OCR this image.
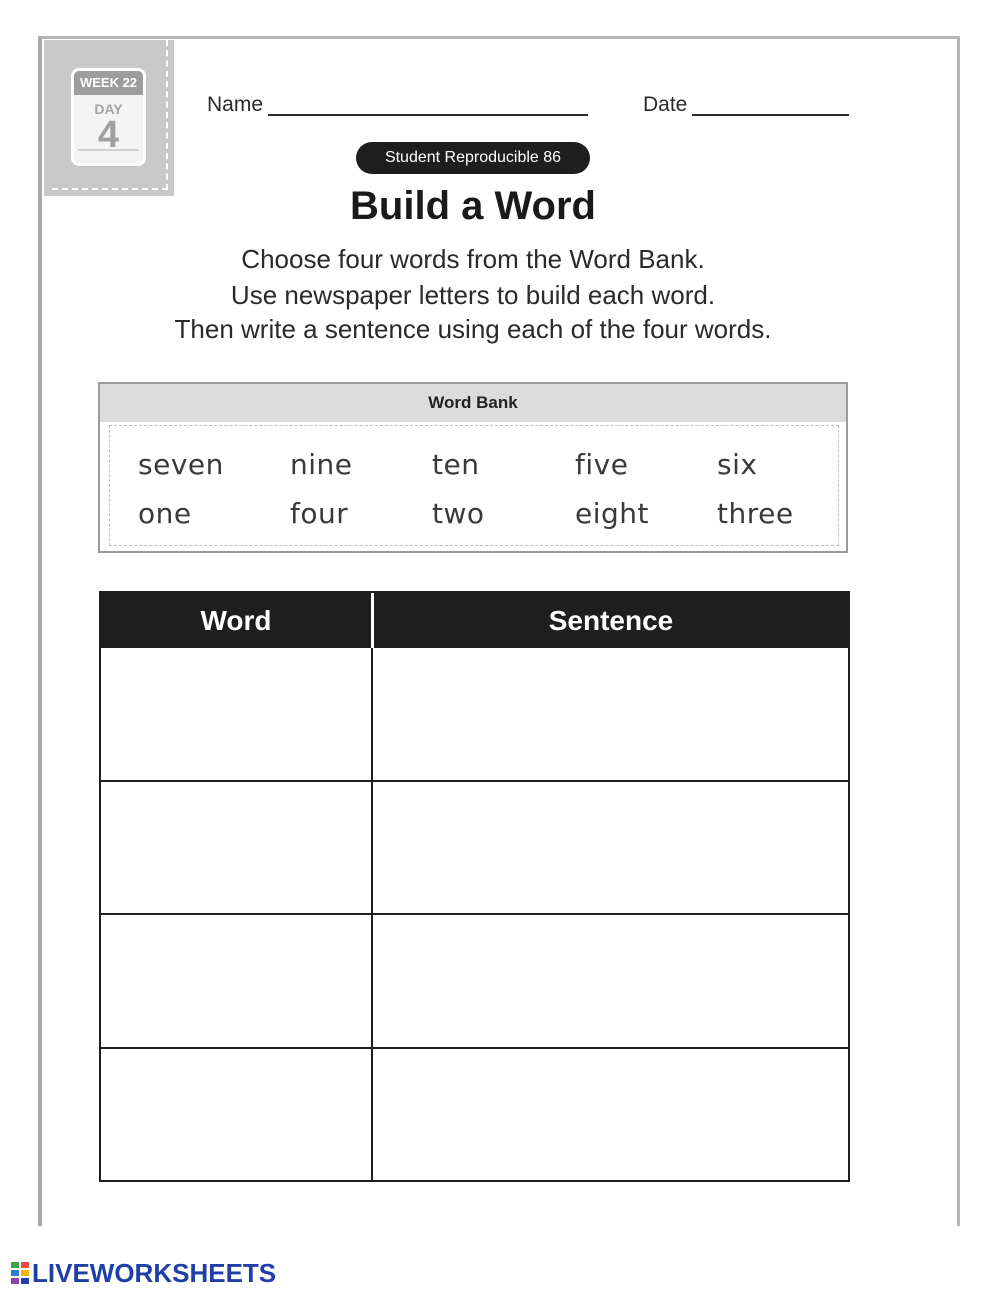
WEEK 22
DAY
4
Name	Date
Student Reproducible 86
Build a Word
Choose four words from the Word Bank.
Use newspaper letters to build each word.
Then write a sentence using each of the four words.
Word Bank
seven nine	ten	five	six
one	four	two	eight three
Word	Sentence
LIVEWORKSHEETS
